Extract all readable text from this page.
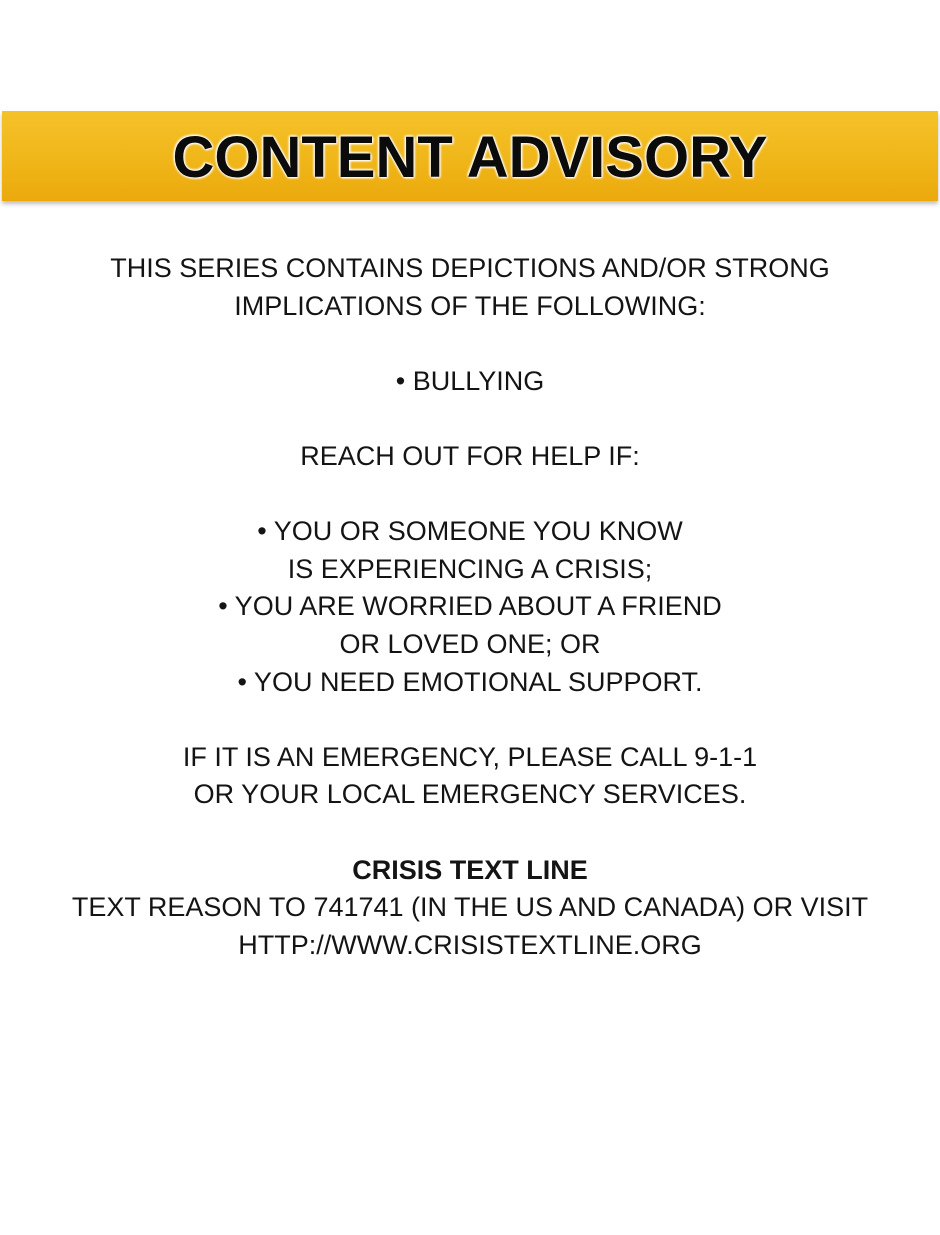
CONTENT ADVISORY
THIS SERIES CONTAINS DEPICTIONS AND/OR STRONG
IMPLICATIONS OF THE FOLLOWING:
• BULLYING
REACH OUT FOR HELP IF:
• YOU OR SOMEONE YOU KNOW
IS EXPERIENCING A CRISIS;
• YOU ARE WORRIED ABOUT A FRIEND
OR LOVED ONE; OR
• YOU NEED EMOTIONAL SUPPORT.
IF IT IS AN EMERGENCY, PLEASE CALL 9-1-1
OR YOUR LOCAL EMERGENCY SERVICES.
CRISIS TEXT LINE
TEXT REASON TO 741741 (IN THE US AND CANADA) OR VISIT
HTTP://WWW.CRISISTEXTLINE.ORG
